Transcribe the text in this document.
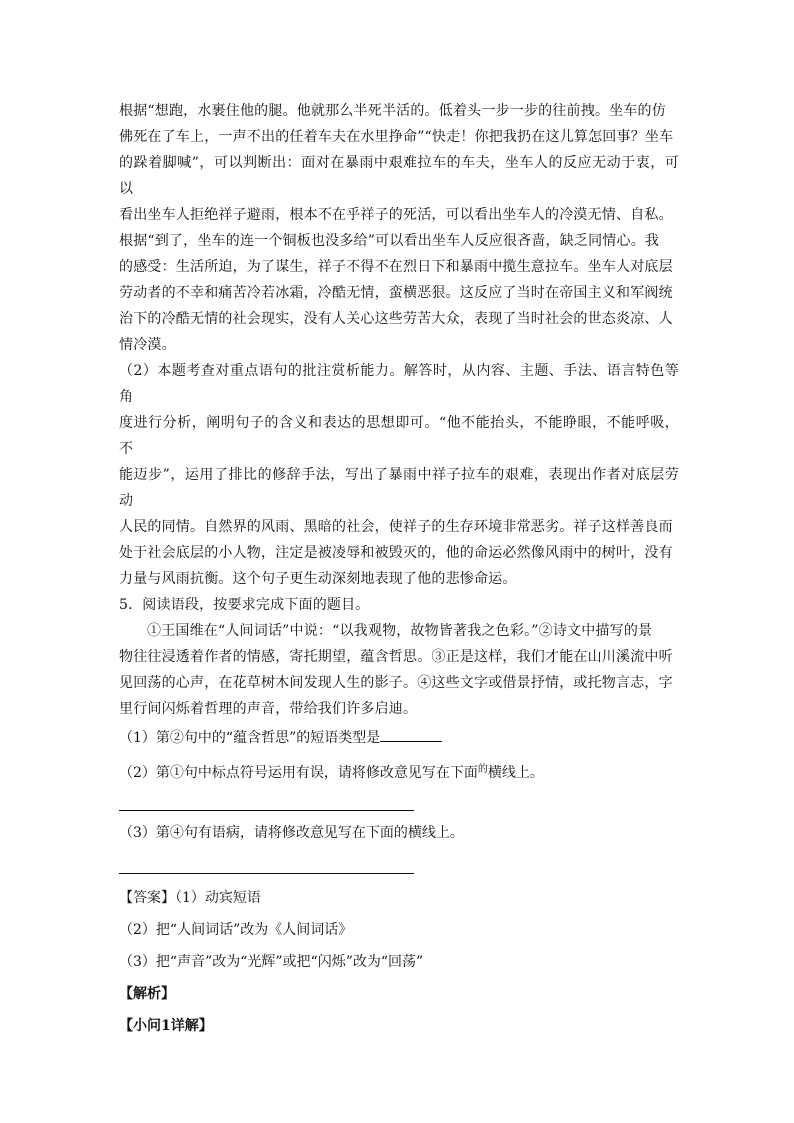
根据“想跑，水裹住他的腿。他就那么半死半活的。低着头一步一步的往前拽。坐车的仿

佛死在了车上，一声不出的任着车夫在水里挣命”“快走！你把我扔在这儿算怎回事？坐车

的跺着脚喊”，可以判断出：面对在暴雨中艰难拉车的车夫，坐车人的反应无动于衷，可以

看出坐车人拒绝祥子避雨，根本不在乎祥子的死活，可以看出坐车人的冷漠无情、自私。

根据“到了，坐车的连一个铜板也没多给”可以看出坐车人反应很吝啬，缺乏同情心。我

的感受：生活所迫，为了谋生，祥子不得不在烈日下和暴雨中揽生意拉车。坐车人对底层

劳动者的不幸和痛苦冷若冰霜，冷酷无情，蛮横恶狠。这反应了当时在帝国主义和军阀统

治下的冷酷无情的社会现实，没有人关心这些劳苦大众，表现了当时社会的世态炎凉、人

情冷漠。

（2）本题考查对重点语句的批注赏析能力。解答时，从内容、主题、手法、语言特色等角

度进行分析，阐明句子的含义和表达的思想即可。“他不能抬头，不能睁眼，不能呼吸，不

能迈步”，运用了排比的修辞手法，写出了暴雨中祥子拉车的艰难，表现出作者对底层劳动

人民的同情。自然界的风雨、黑暗的社会，使祥子的生存环境非常恶劣。祥子这样善良而

处于社会底层的小人物，注定是被凌辱和被毁灭的，他的命运必然像风雨中的树叶，没有

力量与风雨抗衡。这个句子更生动深刻地表现了他的悲惨命运。

5．阅读语段，按要求完成下面的题目。

①王国维在“人间词话”中说：“以我观物，故物皆著我之色彩。”②诗文中描写的景

物往往浸透着作者的情感，寄托期望，蕴含哲思。③正是这样，我们才能在山川溪流中听

见回荡的心声，在花草树木间发现人生的影子。④这些文字或借景抒情，或托物言志，字

里行间闪烁着哲理的声音，带给我们许多启迪。

（1）第②句中的“蕴含哲思”的短语类型是
（2）第①句中标点符号运用有误，请将修改意见写在下面$^的$横线上。
（3）第④句有语病，请将修改意见写在下面的横线上。
【答案】（1）动宾短语
（2）把“人间词话”改为《人间词话》
（3）把“声音”改为“光辉”或把“闪烁”改为“回荡”
【解析】
【小问1详解】
